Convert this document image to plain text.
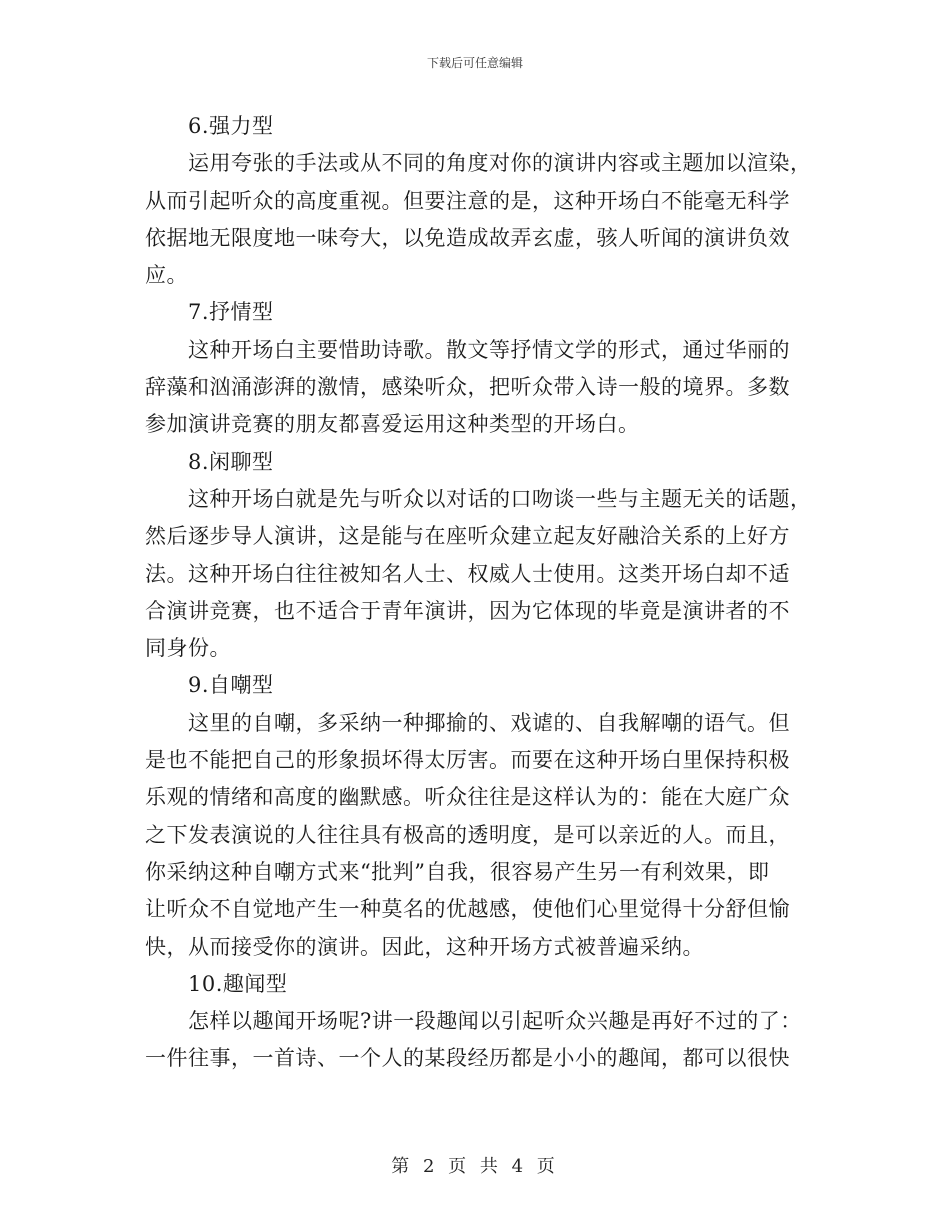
下载后可任意编辑
6.强力型
运用夸张的手法或从不同的角度对你的演讲内容或主题加以渲染，
从而引起听众的高度重视。但要注意的是，这种开场白不能毫无科学
依据地无限度地一味夸大，以免造成故弄玄虚，骇人听闻的演讲负效
应。
7.抒情型
这种开场白主要惜助诗歌。散文等抒情文学的形式，通过华丽的
辞藻和汹涌澎湃的激情，感染听众，把听众带入诗一般的境界。多数
参加演讲竞赛的朋友都喜爱运用这种类型的开场白。
8.闲聊型
这种开场白就是先与听众以对话的口吻谈一些与主题无关的话题，
然后逐步导人演讲，这是能与在座听众建立起友好融洽关系的上好方
法。这种开场白往往被知名人士、权威人士使用。这类开场白却不适
合演讲竞赛，也不适合于青年演讲，因为它体现的毕竟是演讲者的不
同身份。
9.自嘲型
这里的自嘲，多采纳一种揶揄的、戏谑的、自我解嘲的语气。但
是也不能把自己的形象损坏得太厉害。而要在这种开场白里保持积极
乐观的情绪和高度的幽默感。听众往往是这样认为的：能在大庭广众
之下发表演说的人往往具有极高的透明度，是可以亲近的人。而且，
你采纳这种自嘲方式来“批判”自我，很容易产生另一有利效果，即
让听众不自觉地产生一种莫名的优越感，使他们心里觉得十分舒但愉
快，从而接受你的演讲。因此，这种开场方式被普遍采纳。
10.趣闻型
怎样以趣闻开场呢?讲一段趣闻以引起听众兴趣是再好不过的了：
一件往事，一首诗、一个人的某段经历都是小小的趣闻，都可以很快
第 2 页 共 4 页
